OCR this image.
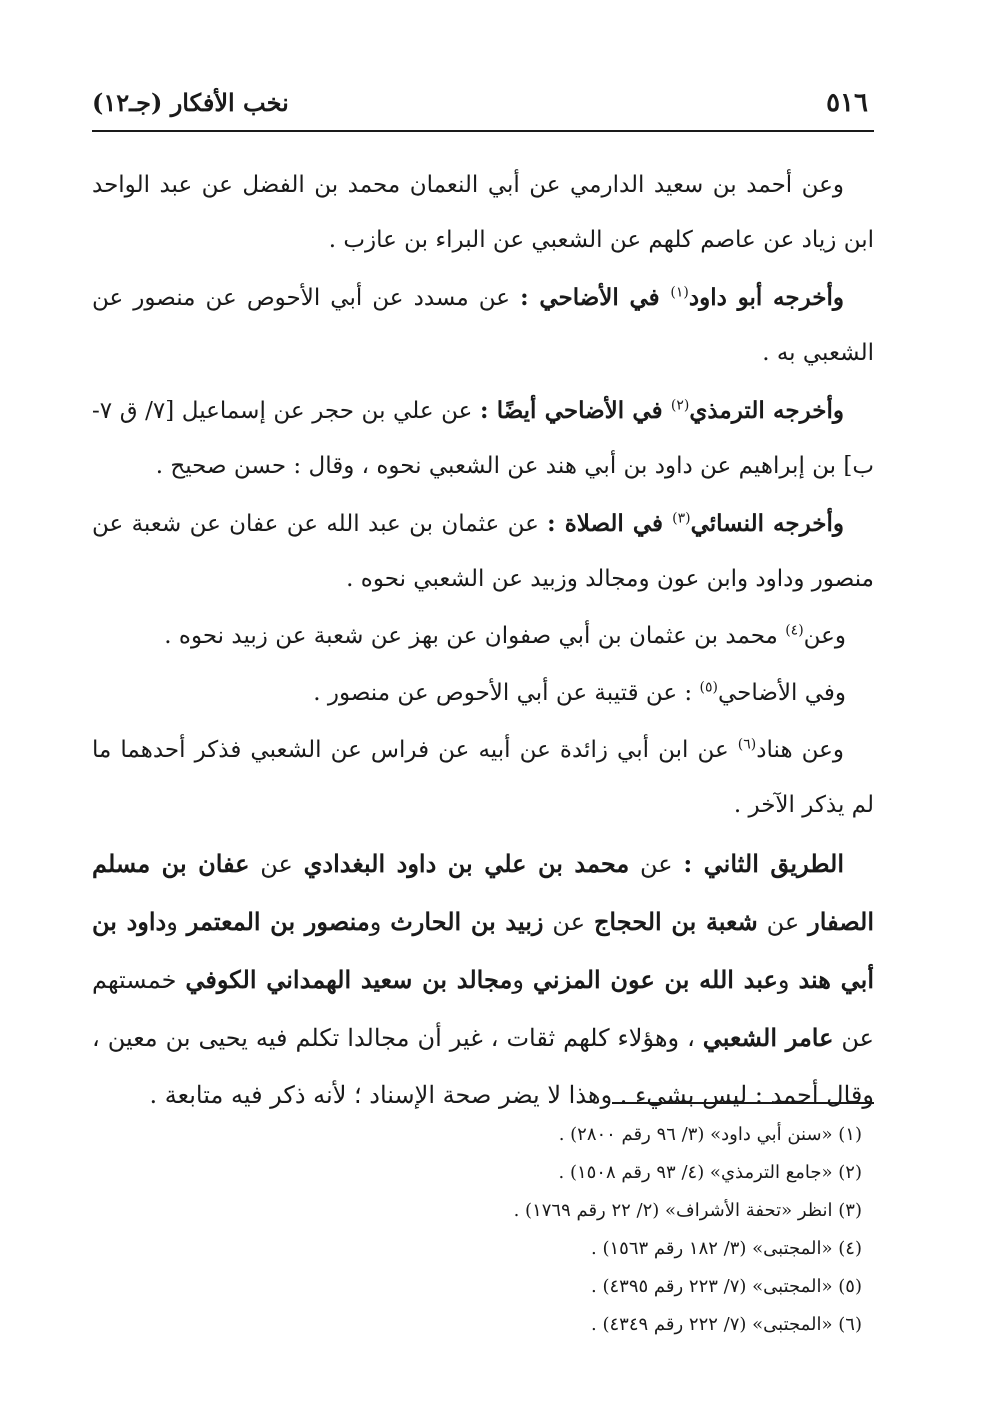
٥١٦
نخب الأفكار (جـ١٢)

وعن أحمد بن سعيد الدارمي عن أبي النعمان محمد بن الفضل عن عبد الواحد ابن زياد عن عاصم كلهم عن الشعبي عن البراء بن عازب .

وأخرجه أبو داود$^{(١)}$ في الأضاحي : عن مسدد عن أبي الأحوص عن منصور عن الشعبي به .

وأخرجه الترمذي$^{(٢)}$ في الأضاحي أيضًا : عن علي بن حجر عن إسماعيل [٧/ ق ٧-ب] بن إبراهيم عن داود بن أبي هند عن الشعبي نحوه ، وقال : حسن صحيح .

وأخرجه النسائي$^{(٣)}$ في الصلاة : عن عثمان بن عبد الله عن عفان عن شعبة عن منصور وداود وابن عون ومجالد وزبيد عن الشعبي نحوه .

وعن$^{(٤)}$ محمد بن عثمان بن أبي صفوان عن بهز عن شعبة عن زبيد نحوه .

وفي الأضاحي$^{(٥)}$ : عن قتيبة عن أبي الأحوص عن منصور .

وعن هناد$^{(٦)}$ عن ابن أبي زائدة عن أبيه عن فراس عن الشعبي فذكر أحدهما ما لم يذكر الآخر .

الطريق الثاني : عن محمد بن علي بن داود البغدادي عن عفان بن مسلم الصفار عن شعبة بن الحجاج عن زبيد بن الحارث ومنصور بن المعتمر وداود بن أبي هند وعبد الله بن عون المزني ومجالد بن سعيد الهمداني الكوفي خمستهم عن عامر الشعبي ، وهؤلاء كلهم ثقات ، غير أن مجالدا تكلم فيه يحيى بن معين ، وقال أحمد : ليس بشيء . وهذا لا يضر صحة الإسناد ؛ لأنه ذكر فيه متابعة .

(١) «سنن أبي داود» (٣/ ٩٦ رقم ٢٨٠٠) .

(٢) «جامع الترمذي» (٤/ ٩٣ رقم ١٥٠٨) .

(٣) انظر «تحفة الأشراف» (٢/ ٢٢ رقم ١٧٦٩) .

(٤) «المجتبى» (٣/ ١٨٢ رقم ١٥٦٣) .

(٥) «المجتبى» (٧/ ٢٢٣ رقم ٤٣٩٥) .

(٦) «المجتبى» (٧/ ٢٢٢ رقم ٤٣٤٩) .
